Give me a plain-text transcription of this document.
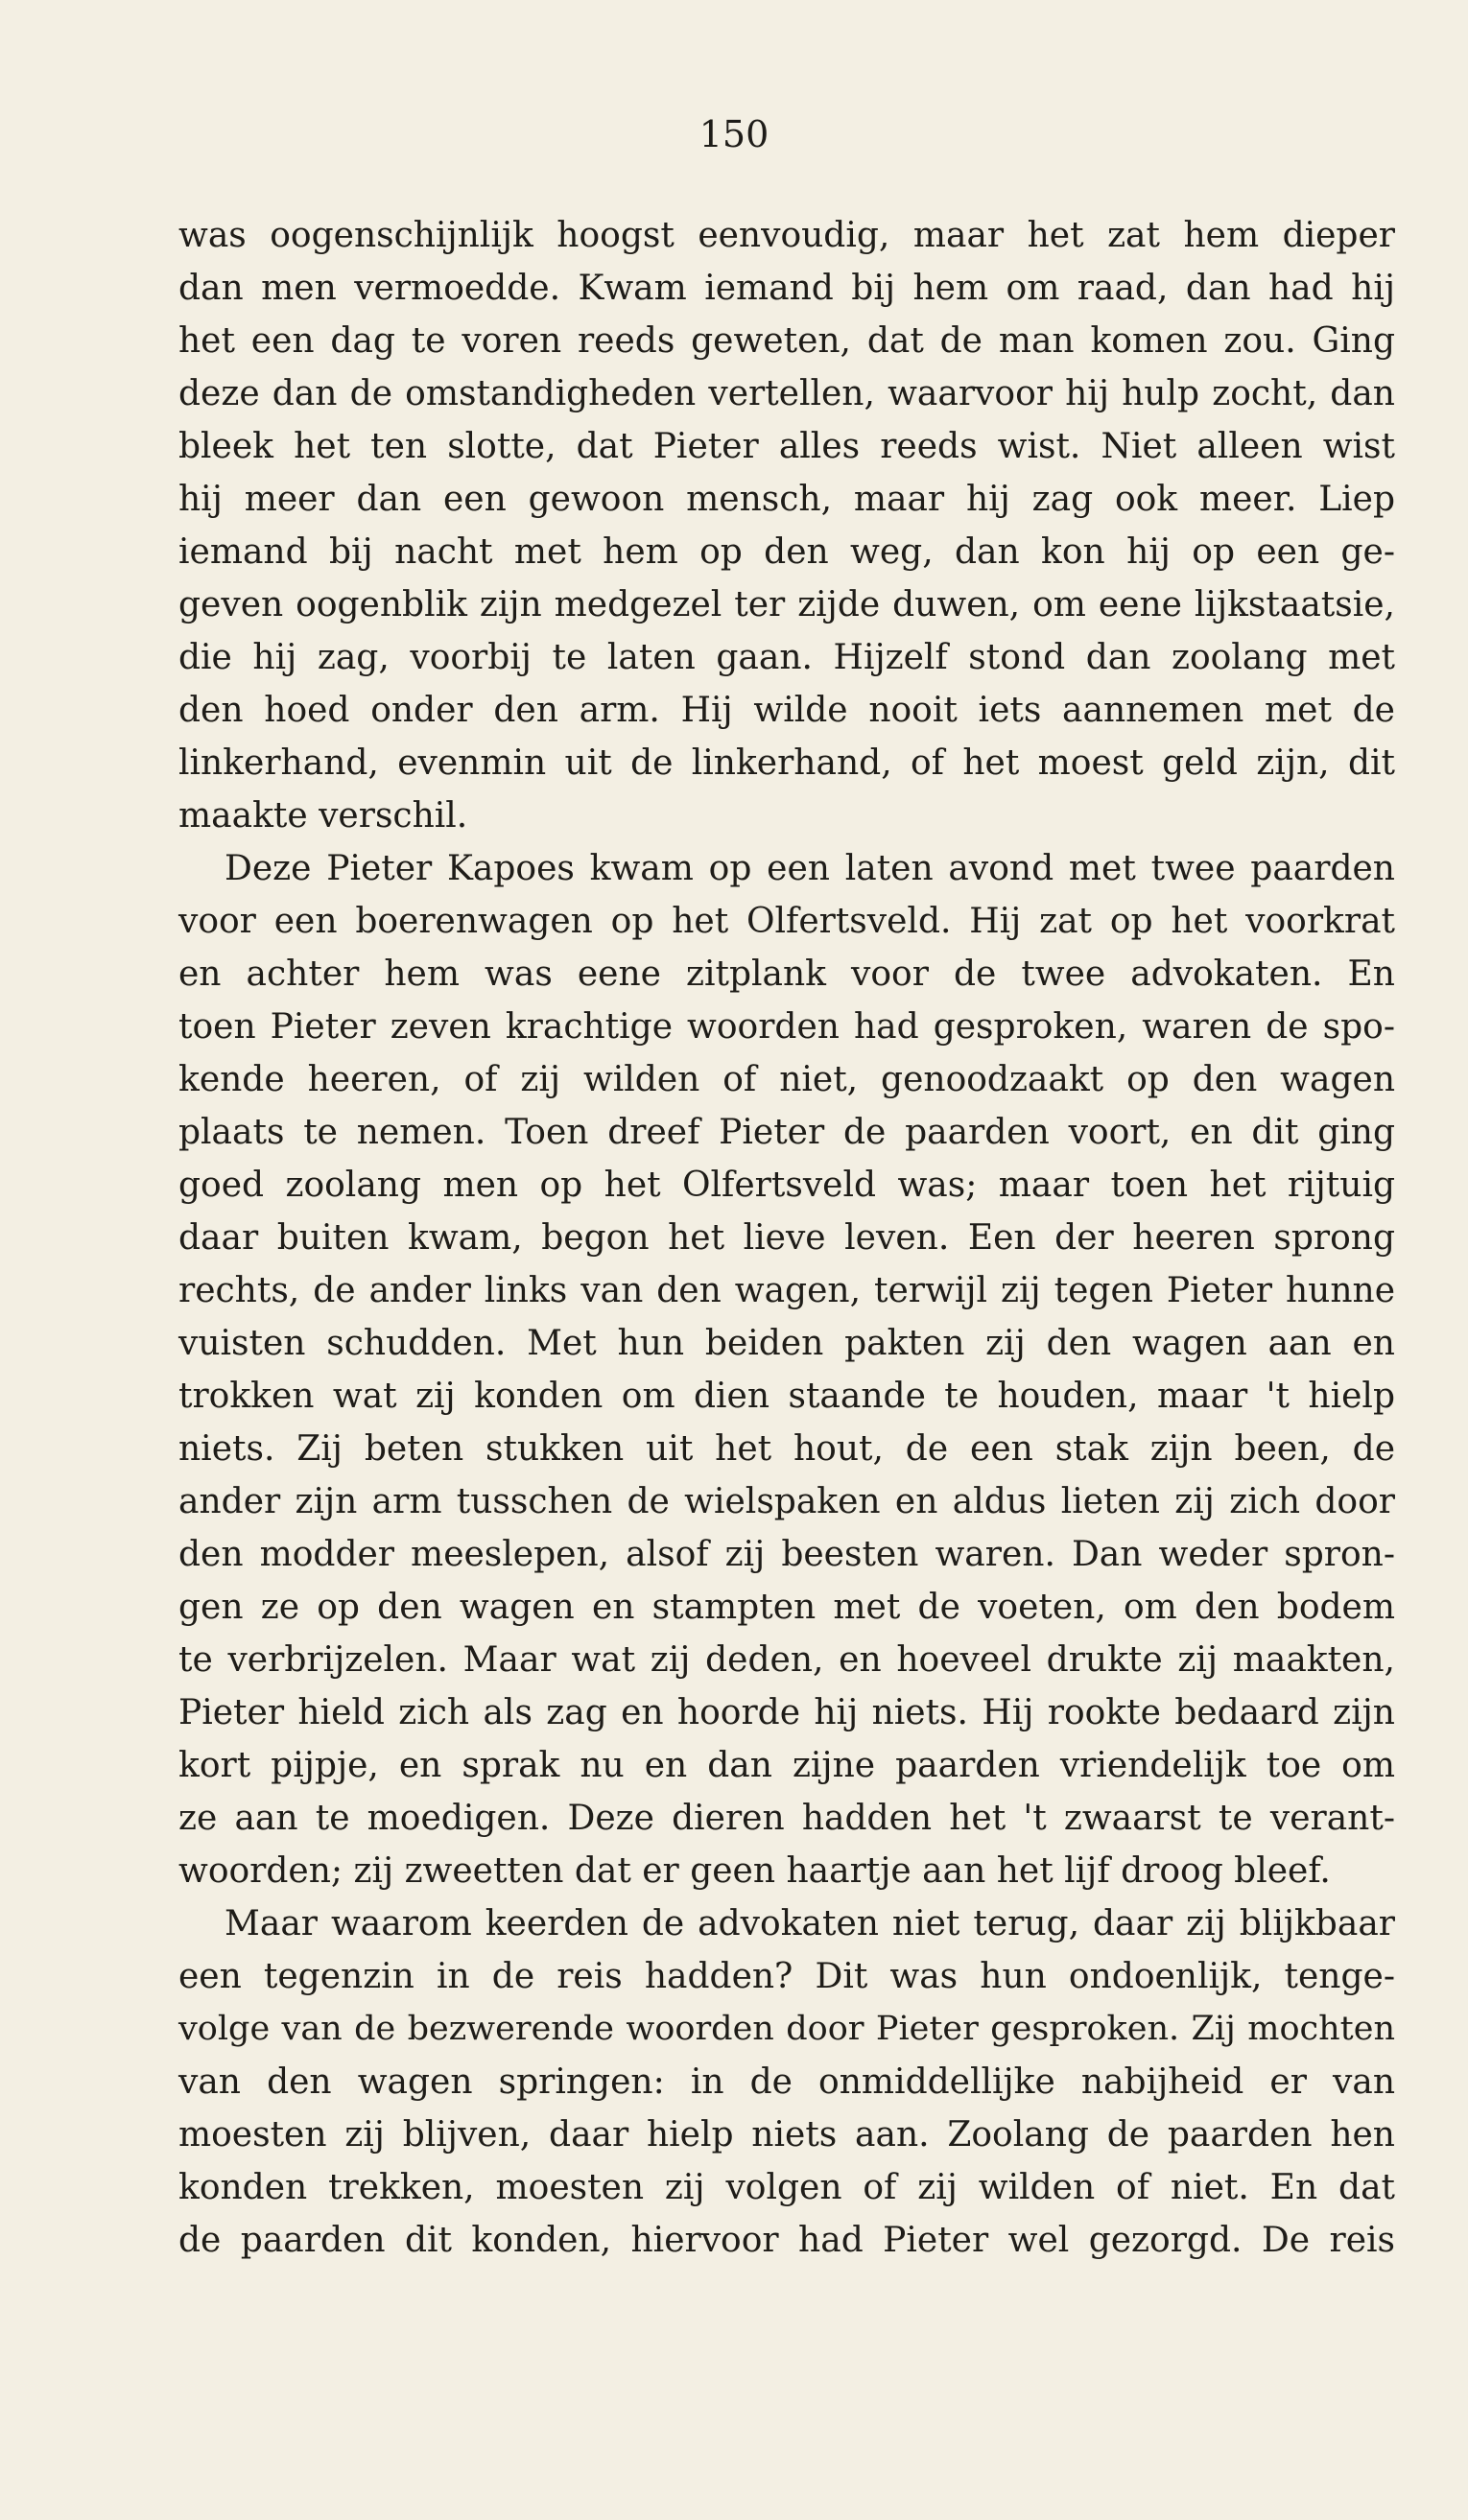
150
was oogenschijnlijk hoogst eenvoudig, maar het zat hem dieper
dan men vermoedde. Kwam iemand bij hem om raad, dan had hij
het een dag te voren reeds geweten, dat de man komen zou. Ging
deze dan de omstandigheden vertellen, waarvoor hij hulp zocht, dan
bleek het ten slotte, dat Pieter alles reeds wist. Niet alleen wist
hij meer dan een gewoon mensch, maar hij zag ook meer. Liep
iemand bij nacht met hem op den weg, dan kon hij op een ge-
geven oogenblik zijn medgezel ter zijde duwen, om eene lijkstaatsie,
die hij zag, voorbij te laten gaan. Hijzelf stond dan zoolang met
den hoed onder den arm. Hij wilde nooit iets aannemen met de
linkerhand, evenmin uit de linkerhand, of het moest geld zijn, dit
maakte verschil.
Deze Pieter Kapoes kwam op een laten avond met twee paarden
voor een boerenwagen op het Olfertsveld. Hij zat op het voorkrat
en achter hem was eene zitplank voor de twee advokaten. En
toen Pieter zeven krachtige woorden had gesproken, waren de spo-
kende heeren, of zij wilden of niet, genoodzaakt op den wagen
plaats te nemen. Toen dreef Pieter de paarden voort, en dit ging
goed zoolang men op het Olfertsveld was; maar toen het rijtuig
daar buiten kwam, begon het lieve leven. Een der heeren sprong
rechts, de ander links van den wagen, terwijl zij tegen Pieter hunne
vuisten schudden. Met hun beiden pakten zij den wagen aan en
trokken wat zij konden om dien staande te houden, maar 't hielp
niets. Zij beten stukken uit het hout, de een stak zijn been, de
ander zijn arm tusschen de wielspaken en aldus lieten zij zich door
den modder meeslepen, alsof zij beesten waren. Dan weder spron-
gen ze op den wagen en stampten met de voeten, om den bodem
te verbrijzelen. Maar wat zij deden, en hoeveel drukte zij maakten,
Pieter hield zich als zag en hoorde hij niets. Hij rookte bedaard zijn
kort pijpje, en sprak nu en dan zijne paarden vriendelijk toe om
ze aan te moedigen. Deze dieren hadden het 't zwaarst te verant-
woorden; zij zweetten dat er geen haartje aan het lijf droog bleef.
Maar waarom keerden de advokaten niet terug, daar zij blijkbaar
een tegenzin in de reis hadden? Dit was hun ondoenlijk, tenge-
volge van de bezwerende woorden door Pieter gesproken. Zij mochten
van den wagen springen: in de onmiddellijke nabijheid er van
moesten zij blijven, daar hielp niets aan. Zoolang de paarden hen
konden trekken, moesten zij volgen of zij wilden of niet. En dat
de paarden dit konden, hiervoor had Pieter wel gezorgd. De reis
